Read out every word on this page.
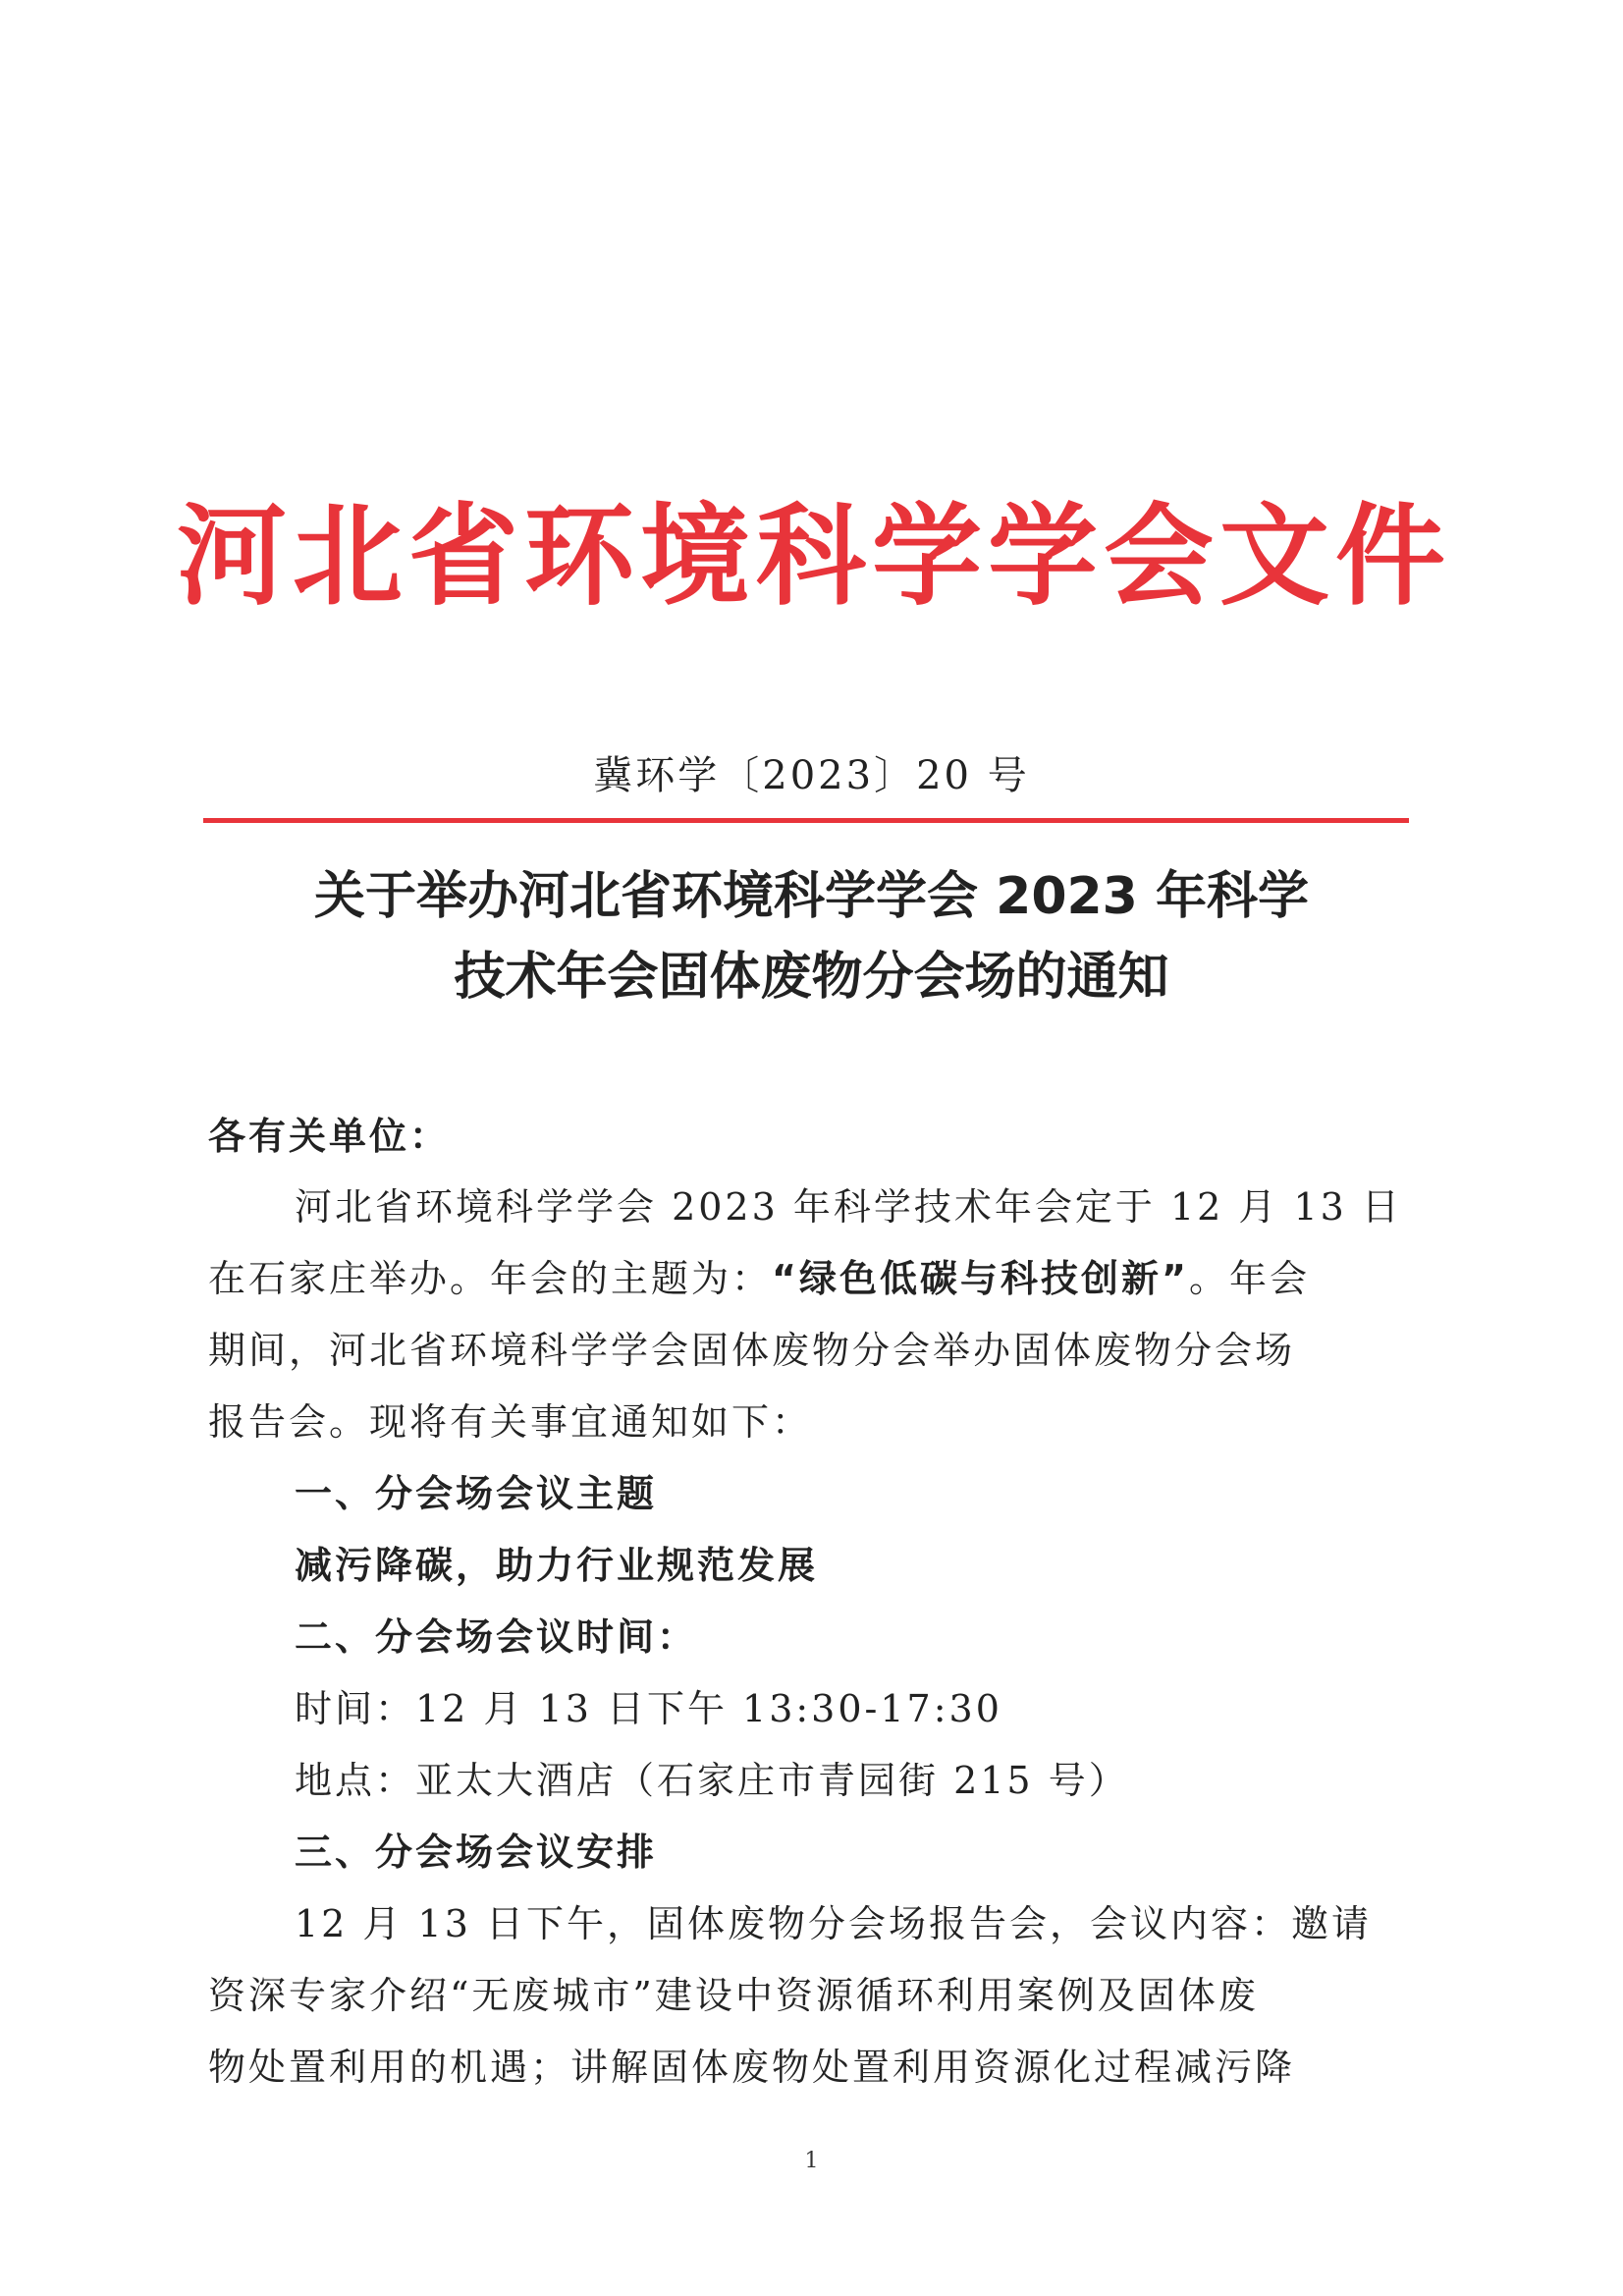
河北省环境科学学会文件
冀环学〔2023〕20 号
关于举办河北省环境科学学会 2023 年科学
技术年会固体废物分会场的通知
各有关单位：
河北省环境科学学会 2023 年科学技术年会定于 12 月 13 日
在石家庄举办。年会的主题为：“绿色低碳与科技创新”。年会
期间，河北省环境科学学会固体废物分会举办固体废物分会场
报告会。现将有关事宜通知如下：
一、分会场会议主题
减污降碳，助力行业规范发展
二、分会场会议时间：
时间：12 月 13 日下午 13:30-17:30
地点：亚太大酒店（石家庄市青园街 215 号）
三、分会场会议安排
12 月 13 日下午，固体废物分会场报告会，会议内容：邀请
资深专家介绍“无废城市”建设中资源循环利用案例及固体废
物处置利用的机遇；讲解固体废物处置利用资源化过程减污降
1
